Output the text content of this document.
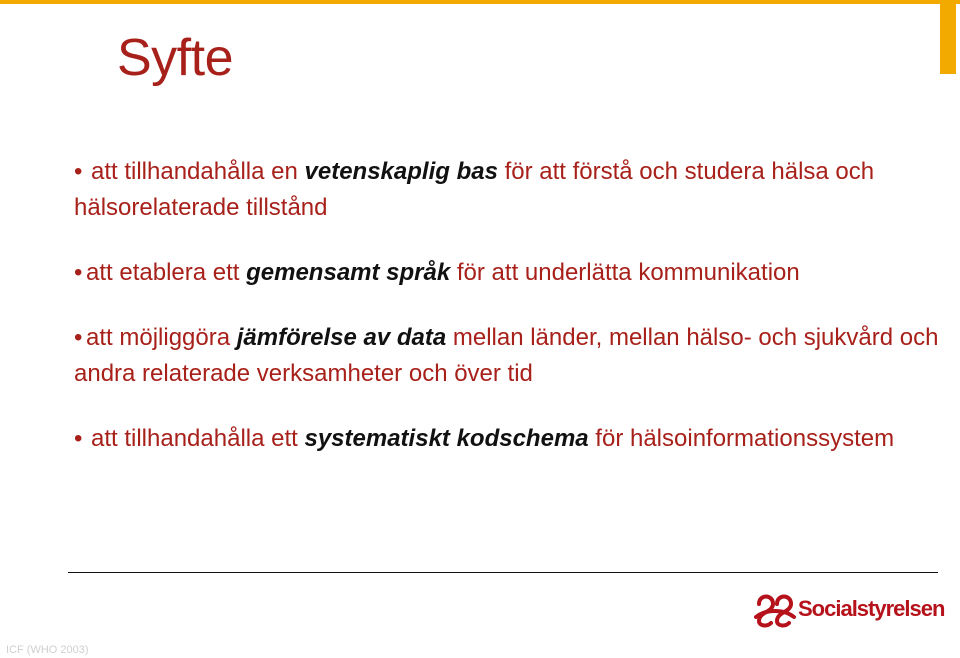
Syfte
• att tillhandahålla en vetenskaplig bas för att förstå och studera hälsa och hälsorelaterade tillstånd
• att etablera ett gemensamt språk för att underlätta kommunikation
• att möjliggöra jämförelse av data mellan länder, mellan hälso- och sjukvård och andra relaterade verksamheter och över tid
• att tillhandahålla ett systematiskt kodschema för hälsoinformationssystem
Socialstyrelsen
ICF (WHO 2003)
